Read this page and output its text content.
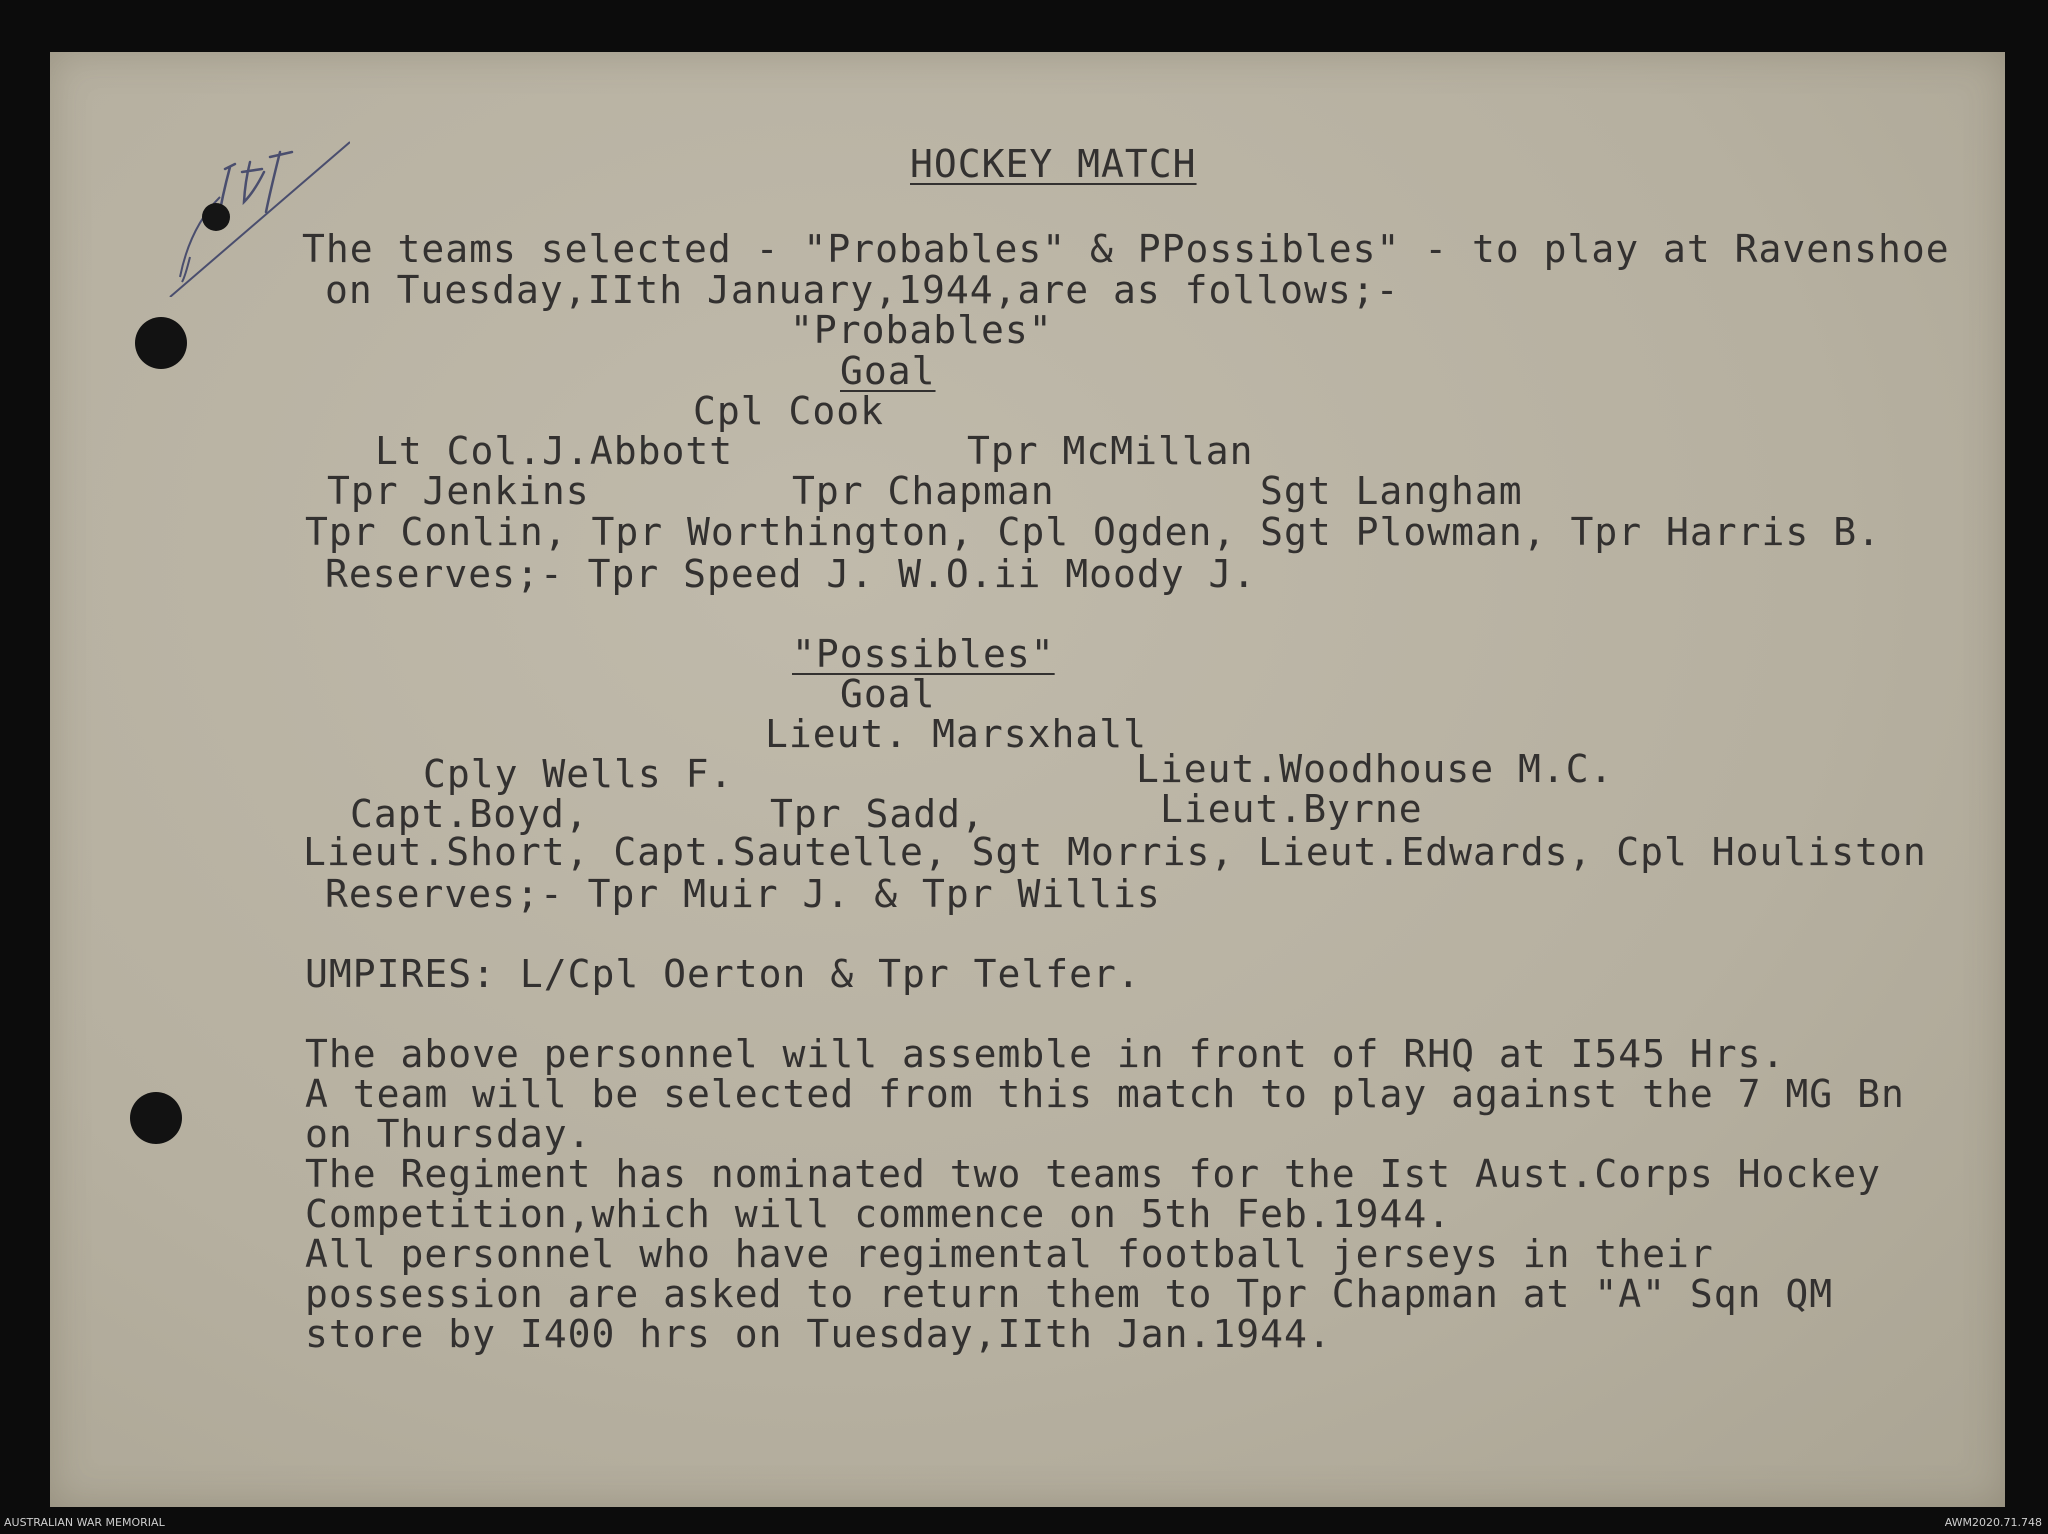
HOCKEY MATCH
The teams selected - "Probables" & PPossibles" - to play at Ravenshoe
on Tuesday,IIth January,1944,are as follows;-
"Probables"
Goal
Cpl Cook
Lt Col.J.Abbott	Tpr McMillan
Tpr Jenkins	Tpr Chapman	Sgt Langham
Tpr Conlin, Tpr Worthington, Cpl Ogden, Sgt Plowman, Tpr Harris B.
Reserves;- Tpr Speed J. W.O.ii Moody J.
"Possibles"
Goal
Lieut. Marsxhall
Cply Wells F.	Lieut.Woodhouse M.C.
Capt.Boyd,	Tpr Sadd,	Lieut.Byrne
Lieut.Short, Capt.Sautelle, Sgt Morris, Lieut.Edwards, Cpl Houliston
Reserves;- Tpr Muir J. & Tpr Willis
UMPIRES: L/Cpl Oerton & Tpr Telfer.
The above personnel will assemble in front of RHQ at I545 Hrs.
A team will be selected from this match to play against the 7 MG Bn
on Thursday.
The Regiment has nominated two teams for the Ist Aust.Corps Hockey
Competition,which will commence on 5th Feb.1944.
All personnel who have regimental football jerseys in their
possession are asked to return them to Tpr Chapman at "A" Sqn QM
store by I400 hrs on Tuesday,IIth Jan.1944.
AUSTRALIAN WAR MEMORIAL	AWM2020.71.748
